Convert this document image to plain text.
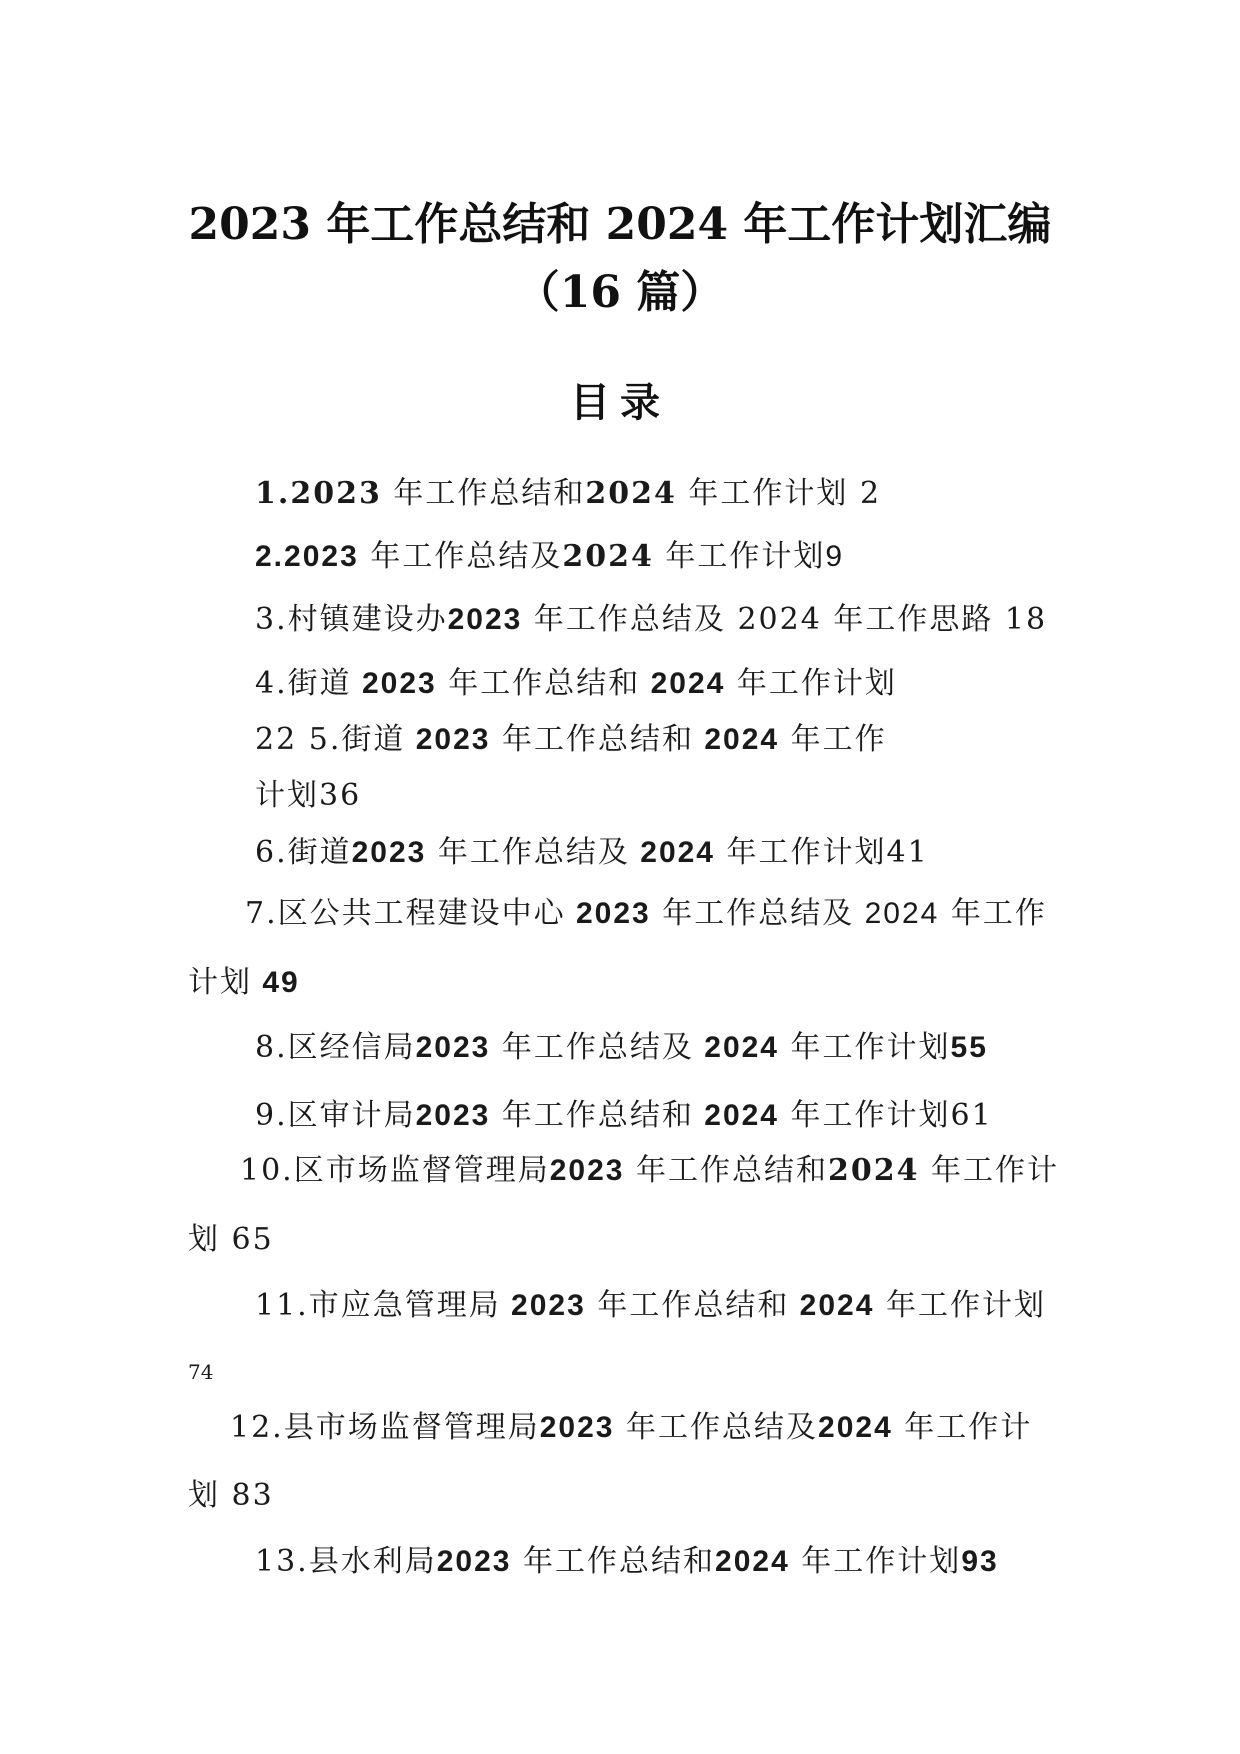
2023 年工作总结和 2024 年工作计划汇编
（16 篇）
目录
1.2023 年工作总结和2024 年工作计划 2
2.2023 年工作总结及2024 年工作计划9
3.村镇建设办2023 年工作总结及 2024 年工作思路 18
4.街道 2023 年工作总结和 2024 年工作计划
22 5.街道 2023 年工作总结和 2024 年工作
计划36
6.街道2023 年工作总结及 2024 年工作计划41
7.区公共工程建设中心 2023 年工作总结及 2024 年工作
计划 49
8.区经信局2023 年工作总结及 2024 年工作计划55
9.区审计局2023 年工作总结和 2024 年工作计划61
10.区市场监督管理局2023 年工作总结和2024 年工作计
划 65
11.市应急管理局 2023 年工作总结和 2024 年工作计划
74
12.县市场监督管理局2023 年工作总结及2024 年工作计
划 83
13.县水利局2023 年工作总结和2024 年工作计划93
